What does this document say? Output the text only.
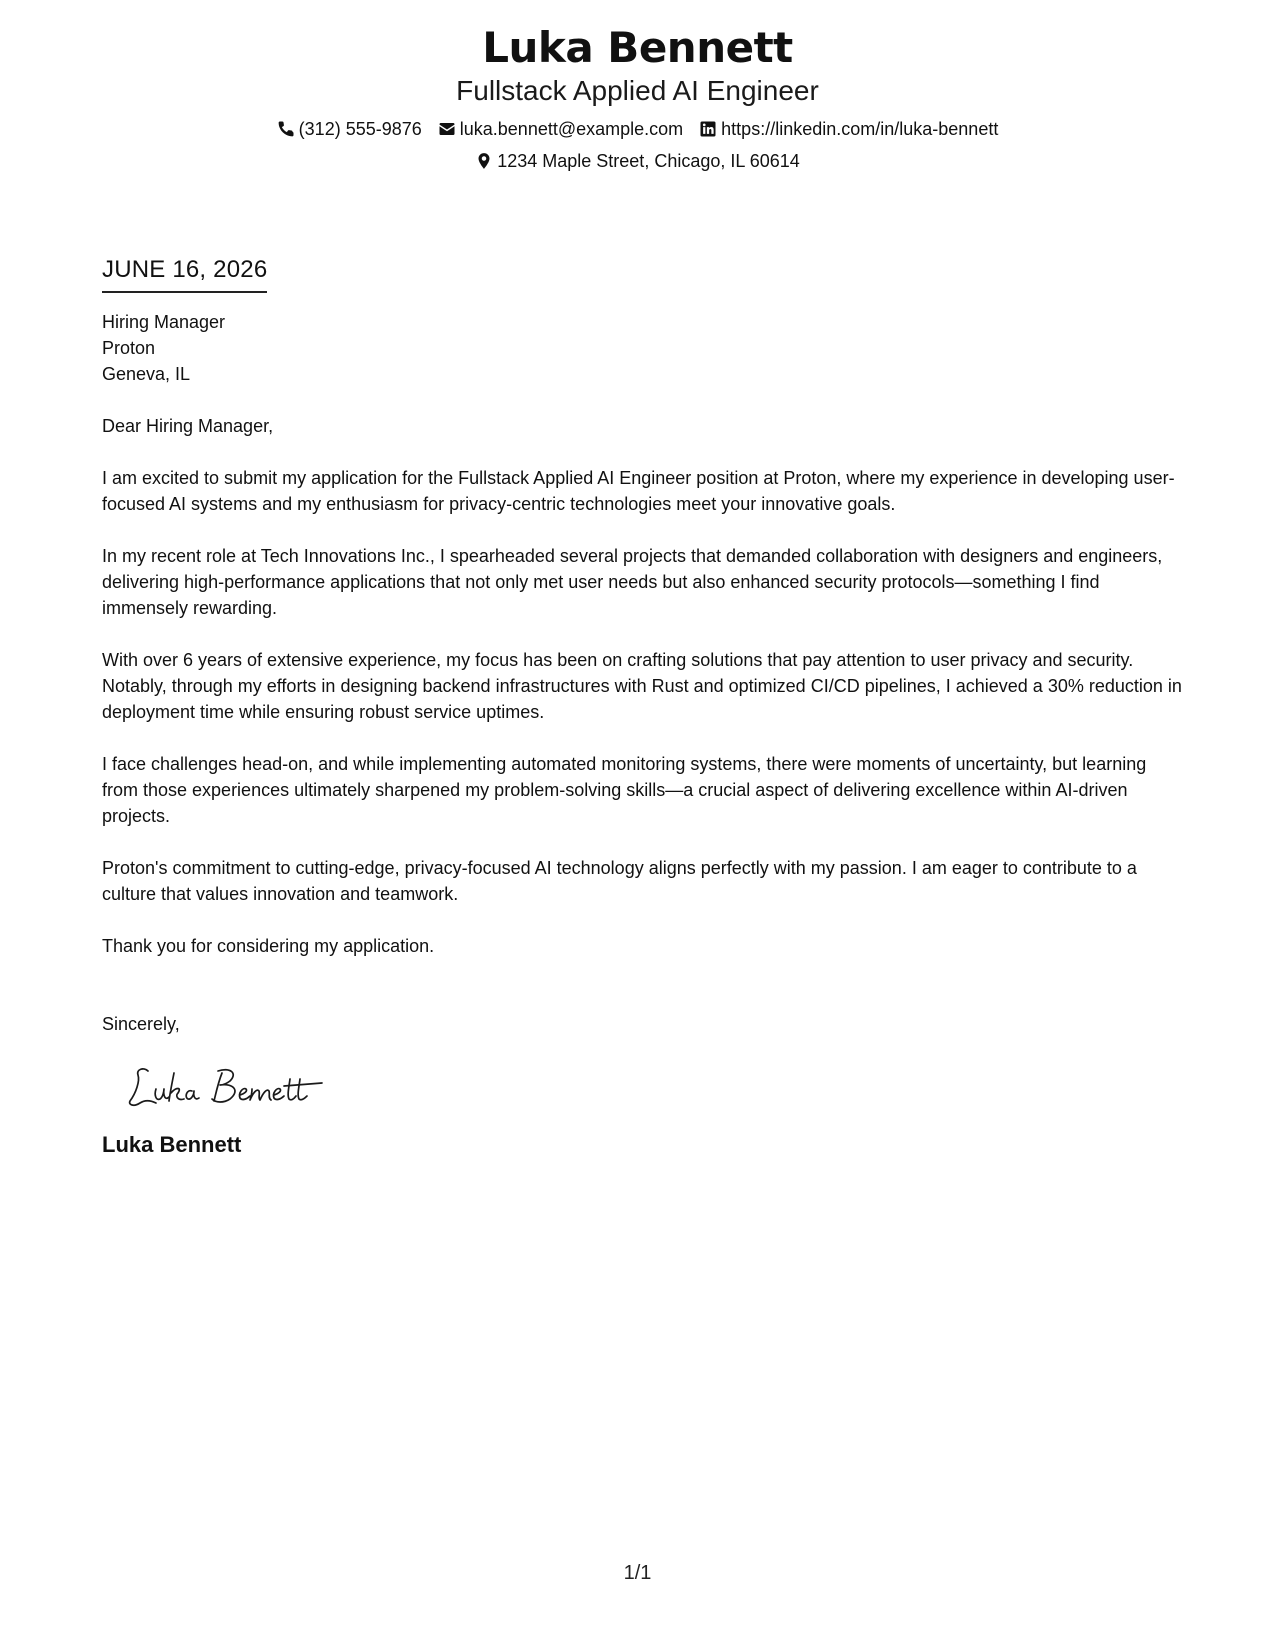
Luka Bennett
Fullstack Applied AI Engineer
(312) 555-9876 luka.bennett@example.com https://linkedin.com/in/luka-bennett
1234 Maple Street, Chicago, IL 60614
JUNE 16, 2026
Hiring Manager
Proton
Geneva, IL
Dear Hiring Manager,
I am excited to submit my application for the Fullstack Applied AI Engineer position at Proton, where my experience in developing user-focused AI systems and my enthusiasm for privacy-centric technologies meet your innovative goals.
In my recent role at Tech Innovations Inc., I spearheaded several projects that demanded collaboration with designers and engineers, delivering high-performance applications that not only met user needs but also enhanced security protocols—something I find immensely rewarding.
With over 6 years of extensive experience, my focus has been on crafting solutions that pay attention to user privacy and security. Notably, through my efforts in designing backend infrastructures with Rust and optimized CI/CD pipelines, I achieved a 30% reduction in deployment time while ensuring robust service uptimes.
I face challenges head-on, and while implementing automated monitoring systems, there were moments of uncertainty, but learning from those experiences ultimately sharpened my problem-solving skills—a crucial aspect of delivering excellence within AI-driven projects.
Proton's commitment to cutting-edge, privacy-focused AI technology aligns perfectly with my passion. I am eager to contribute to a culture that values innovation and teamwork.
Thank you for considering my application.
Sincerely,
Luka Bennett
1/1
